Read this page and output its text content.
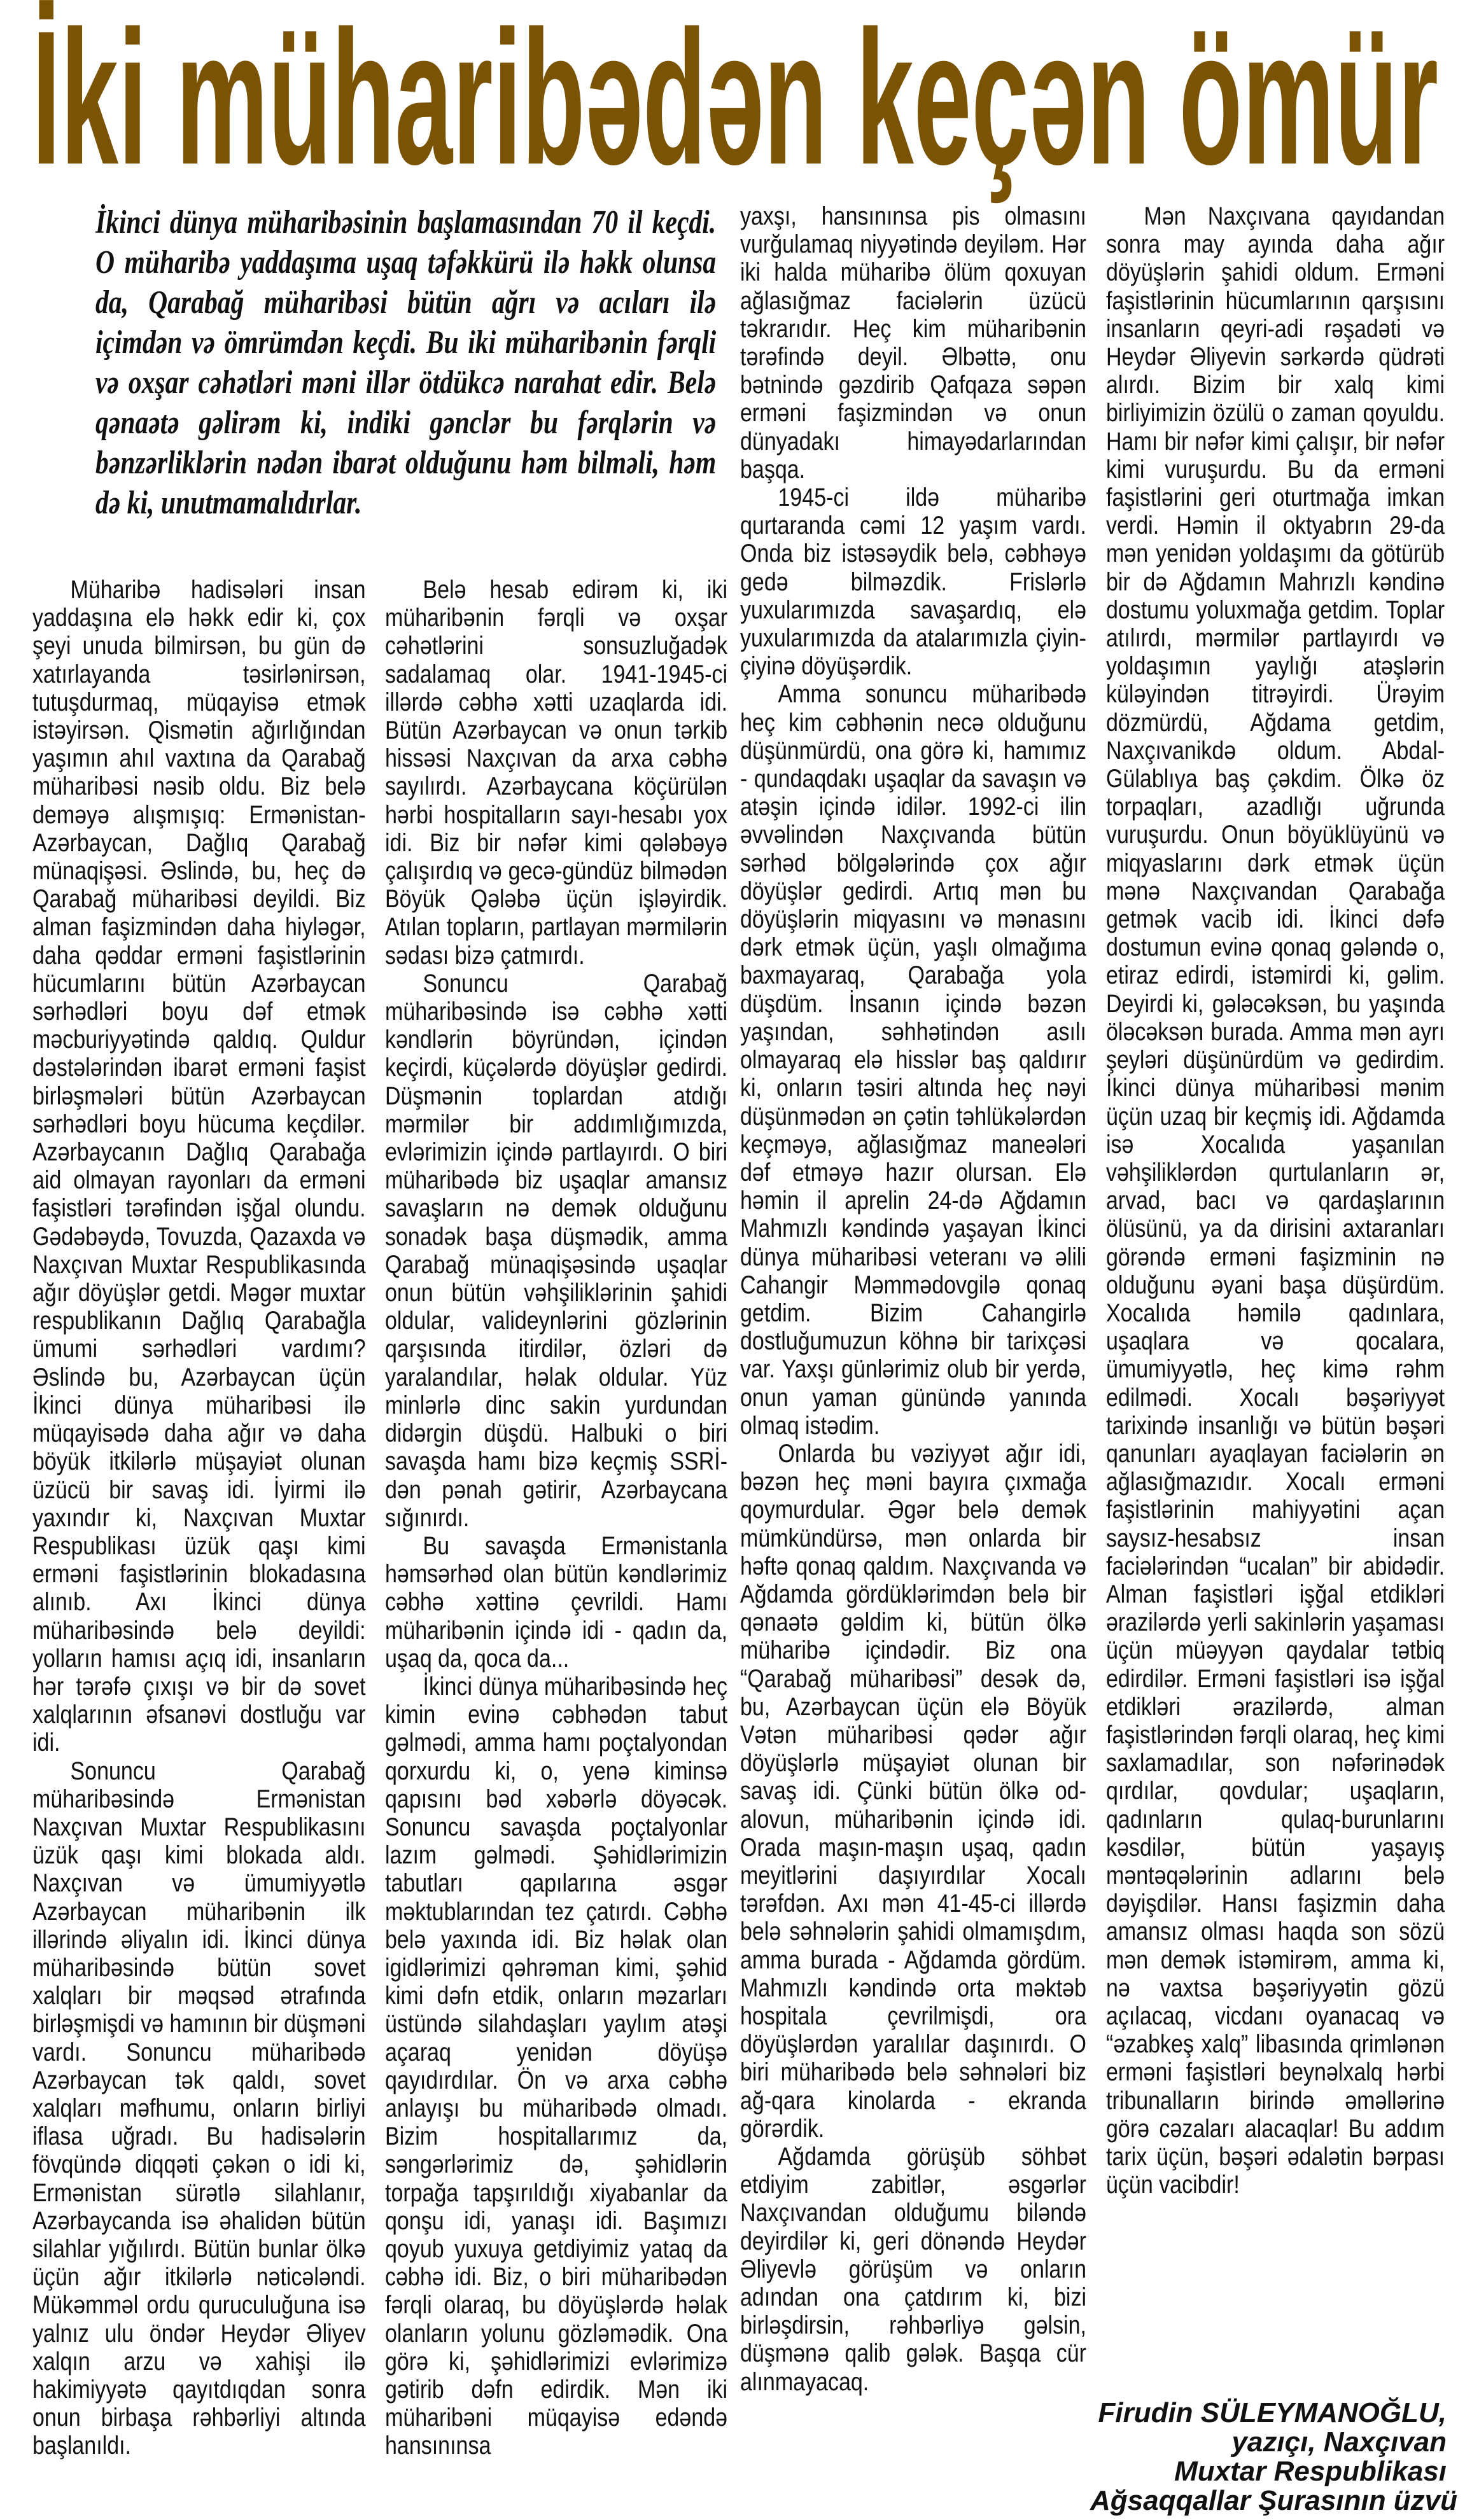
İki müharibədən keçən ömür

İkinci dünya müharibəsinin başlamasından 70 il keçdi. O müharibə yaddaşıma uşaq təfəkkürü ilə həkk olunsa da, Qarabağ müharibəsi bütün ağrı və acıları ilə içimdən və ömrümdən keçdi. Bu iki müharibənin fərqli və oxşar cəhətləri məni illər ötdükcə narahat edir. Belə qənaətə gəlirəm ki, indiki gənclər bu fərqlərin və bənzərliklərin nədən ibarət olduğunu həm bilməli, həm də ki, unutmamalıdırlar.

Müharibə hadisələri insan yaddaşına elə həkk edir ki, çox şeyi unuda bilmirsən, bu gün də xatırlayanda təsirlənirsən, tutuşdurmaq, müqayisə etmək istəyirsən. Qismətin ağırlığından yaşımın ahıl vaxtına da Qarabağ müharibəsi nəsib oldu. Biz belə deməyə alışmışıq: Ermənistan-Azərbaycan, Dağlıq Qarabağ münaqişəsi. Əslində, bu, heç də Qarabağ müharibəsi deyildi. Biz alman faşizmindən daha hiyləgər, daha qəddar erməni faşistlərinin hücumlarını bütün Azərbaycan sərhədləri boyu dəf etmək məcburiyyətində qaldıq. Quldur dəstələrindən ibarət erməni faşist birləşmələri bütün Azərbaycan sərhədləri boyu hücuma keçdilər. Azərbaycanın Dağlıq Qarabağa aid olmayan rayonları da erməni faşistləri tərəfindən işğal olundu. Gədəbəydə, Tovuzda, Qazaxda və Naxçıvan Muxtar Respublikasında ağır döyüşlər getdi. Məgər muxtar respublikanın Dağlıq Qarabağla ümumi sərhədləri vardımı? Əslində bu, Azərbaycan üçün İkinci dünya müharibəsi ilə müqayisədə daha ağır və daha böyük itkilərlə müşayiət olunan üzücü bir savaş idi. İyirmi ilə yaxındır ki, Naxçıvan Muxtar Respublikası üzük qaşı kimi erməni faşistlərinin blokadasına alınıb. Axı İkinci dünya müharibəsində belə deyildi: yolların hamısı açıq idi, insanların hər tərəfə çıxışı və bir də sovet xalqlarının əfsanəvi dostluğu var idi.

Sonuncu Qarabağ müharibəsində Ermənistan Naxçıvan Muxtar Respublikasını üzük qaşı kimi blokada aldı. Naxçıvan və ümumiyyətlə Azərbaycan müharibənin ilk illərində əliyalın idi. İkinci dünya müharibəsində bütün sovet xalqları bir məqsəd ətrafında birləşmişdi və hamının bir düşməni vardı. Sonuncu müharibədə Azərbaycan tək qaldı, sovet xalqları məfhumu, onların birliyi iflasa uğradı. Bu hadisələrin fövqündə diqqəti çəkən o idi ki, Ermənistan sürətlə silahlanır, Azərbaycanda isə əhalidən bütün silahlar yığılırdı. Bütün bunlar ölkə üçün ağır itkilərlə nəticələndi. Mükəmməl ordu quruculuğuna isə yalnız ulu öndər Heydər Əliyev xalqın arzu və xahişi ilə hakimiyyətə qayıtdıqdan sonra onun birbaşa rəhbərliyi altında başlanıldı.

Belə hesab edirəm ki, iki müharibənin fərqli və oxşar cəhətlərini sonsuzluğadək sadalamaq olar. 1941-1945-ci illərdə cəbhə xətti uzaqlarda idi. Bütün Azərbaycan və onun tərkib hissəsi Naxçıvan da arxa cəbhə sayılırdı. Azərbaycana köçürülən hərbi hospitalların sayı-hesabı yox idi. Biz bir nəfər kimi qələbəyə çalışırdıq və gecə-gündüz bilmədən Böyük Qələbə üçün işləyirdik. Atılan topların, partlayan mərmilərin sədası bizə çatmırdı.

Sonuncu Qarabağ müharibəsində isə cəbhə xətti kəndlərin böyründən, içindən keçirdi, küçələrdə döyüşlər gedirdi. Düşmənin toplardan atdığı mərmilər bir addımlığımızda, evlərimizin içində partlayırdı. O biri müharibədə biz uşaqlar amansız savaşların nə demək olduğunu sonadək başa düşmədik, amma Qarabağ münaqişəsində uşaqlar onun bütün vəhşiliklərinin şahidi oldular, valideynlərini gözlərinin qarşısında itirdilər, özləri də yaralandılar, həlak oldular. Yüz minlərlə dinc sakin yurdundan didərgin düşdü. Halbuki o biri savaşda hamı bizə keçmiş SSRİ-dən pənah gətirir, Azərbaycana sığınırdı.

Bu savaşda Ermənistanla həmsərhəd olan bütün kəndlərimiz cəbhə xəttinə çevrildi. Hamı müharibənin içində idi - qadın da, uşaq da, qoca da...

İkinci dünya müharibəsində heç kimin evinə cəbhədən tabut gəlmədi, amma hamı poçtalyondan qorxurdu ki, o, yenə kiminsə qapısını bəd xəbərlə döyəcək. Sonuncu savaşda poçtalyonlar lazım gəlmədi. Şəhidlərimizin tabutları qapılarına əsgər məktublarından tez çatırdı. Cəbhə belə yaxında idi. Biz həlak olan igidlərimizi qəhrəman kimi, şəhid kimi dəfn etdik, onların məzarları üstündə silahdaşları yaylım atəşi açaraq yenidən döyüşə qayıdırdılar. Ön və arxa cəbhə anlayışı bu müharibədə olmadı. Bizim hospitallarımız da, səngərlərimiz də, şəhidlərin torpağa tapşırıldığı xiyabanlar da qonşu idi, yanaşı idi. Başımızı qoyub yuxuya getdiyimiz yataq da cəbhə idi. Biz, o biri müharibədən fərqli olaraq, bu döyüşlərdə həlak olanların yolunu gözləmədik. Ona görə ki, şəhidlərimizi evlərimizə gətirib dəfn edirdik. Mən iki müharibəni müqayisə edəndə hansınınsa

yaxşı, hansınınsa pis olmasını vurğulamaq niyyətində deyiləm. Hər iki halda müharibə ölüm qoxuyan ağlasığmaz faciələrin üzücü təkrarıdır. Heç kim müharibənin tərəfində deyil. Əlbəttə, onu bətnində gəzdirib Qafqaza səpən erməni faşizmindən və onun dünyadakı himayədarlarından başqa.

1945-ci ildə müharibə qurtaranda cəmi 12 yaşım vardı. Onda biz istəsəydik belə, cəbhəyə gedə bilməzdik. Frislərlə yuxularımızda savaşardıq, elə yuxularımızda da atalarımızla çiyin-çiyinə döyüşərdik.

Amma sonuncu müharibədə heç kim cəbhənin necə olduğunu düşünmürdü, ona görə ki, hamımız - qundaqdakı uşaqlar da savaşın və atəşin içində idilər. 1992-ci ilin əvvəlindən Naxçıvanda bütün sərhəd bölgələrində çox ağır döyüşlər gedirdi. Artıq mən bu döyüşlərin miqyasını və mənasını dərk etmək üçün, yaşlı olmağıma baxmayaraq, Qarabağa yola düşdüm. İnsanın içində bəzən yaşından, səhhətindən asılı olmayaraq elə hisslər baş qaldırır ki, onların təsiri altında heç nəyi düşünmədən ən çətin təhlükələrdən keçməyə, ağlasığmaz maneələri dəf etməyə hazır olursan. Elə həmin il aprelin 24-də Ağdamın Mahmızlı kəndində yaşayan İkinci dünya müharibəsi veteranı və əlili Cahangir Məmmədovgilə qonaq getdim. Bizim Cahangirlə dostluğumuzun köhnə bir tarixçəsi var. Yaxşı günlərimiz olub bir yerdə, onun yaman günündə yanında olmaq istədim.

Onlarda bu vəziyyət ağır idi, bəzən heç məni bayıra çıxmağa qoymurdular. Əgər belə demək mümkündürsə, mən onlarda bir həftə qonaq qaldım. Naxçıvanda və Ağdamda gördüklərimdən belə bir qənaətə gəldim ki, bütün ölkə müharibə içindədir. Biz ona “Qarabağ müharibəsi” desək də, bu, Azərbaycan üçün elə Böyük Vətən müharibəsi qədər ağır döyüşlərlə müşayiət olunan bir savaş idi. Çünki bütün ölkə od-alovun, müharibənin içində idi. Orada maşın-maşın uşaq, qadın meyitlərini daşıyırdılar Xocalı tərəfdən. Axı mən 41-45-ci illərdə belə səhnələrin şahidi olmamışdım, amma burada - Ağdamda gördüm. Mahmızlı kəndində orta məktəb hospitala çevrilmişdi, ora döyüşlərdən yaralılar daşınırdı. O biri müharibədə belə səhnələri biz ağ-qara kinolarda - ekranda görərdik.

Ağdamda görüşüb söhbət etdiyim zabitlər, əsgərlər Naxçıvandan olduğumu biləndə deyirdilər ki, geri dönəndə Heydər Əliyevlə görüşüm və onların adından ona çatdırım ki, bizi birləşdirsin, rəhbərliyə gəlsin, düşmənə qalib gələk. Başqa cür alınmayacaq.

Mən Naxçıvana qayıdandan sonra may ayında daha ağır döyüşlərin şahidi oldum. Erməni faşistlərinin hücumlarının qarşısını insanların qeyri-adi rəşadəti və Heydər Əliyevin sərkərdə qüdrəti alırdı. Bizim bir xalq kimi birliyimizin özülü o zaman qoyuldu. Hamı bir nəfər kimi çalışır, bir nəfər kimi vuruşurdu. Bu da erməni faşistlərini geri oturtmağa imkan verdi. Həmin il oktyabrın 29-da mən yenidən yoldaşımı da götürüb bir də Ağdamın Mahrızlı kəndinə dostumu yoluxmağa getdim. Toplar atılırdı, mərmilər partlayırdı və yoldaşımın yaylığı atəşlərin küləyindən titrəyirdi. Ürəyim dözmürdü, Ağdama getdim, Naxçıvanikdə oldum. Abdal-Gülablıya baş çəkdim. Ölkə öz torpaqları, azadlığı uğrunda vuruşurdu. Onun böyüklüyünü və miqyaslarını dərk etmək üçün mənə Naxçıvandan Qarabağa getmək vacib idi. İkinci dəfə dostumun evinə qonaq gələndə o, etiraz edirdi, istəmirdi ki, gəlim. Deyirdi ki, gələcəksən, bu yaşında öləcəksən burada. Amma mən ayrı şeyləri düşünürdüm və gedirdim. İkinci dünya müharibəsi mənim üçün uzaq bir keçmiş idi. Ağdamda isə Xocalıda yaşanılan vəhşiliklərdən qurtulanların ər, arvad, bacı və qardaşlarının ölüsünü, ya da dirisini axtaranları görəndə erməni faşizminin nə olduğunu əyani başa düşürdüm. Xocalıda həmilə qadınlara, uşaqlara və qocalara, ümumiyyətlə, heç kimə rəhm edilmədi. Xocalı bəşəriyyət tarixində insanlığı və bütün bəşəri qanunları ayaqlayan faciələrin ən ağlasığmazıdır. Xocalı erməni faşistlərinin mahiyyətini açan saysız-hesabsız insan faciələrindən “ucalan” bir abidədir. Alman faşistləri işğal etdikləri ərazilərdə yerli sakinlərin yaşaması üçün müəyyən qaydalar tətbiq edirdilər. Erməni faşistləri isə işğal etdikləri ərazilərdə, alman faşistlərindən fərqli olaraq, heç kimi saxlamadılar, son nəfərinədək qırdılar, qovdular; uşaqların, qadınların qulaq-burunlarını kəsdilər, bütün yaşayış məntəqələrinin adlarını belə dəyişdilər. Hansı faşizmin daha amansız olması haqda son sözü mən demək istəmirəm, amma ki, nə vaxtsa bəşəriyyətin gözü açılacaq, vicdanı oyanacaq və “əzabkeş xalq” libasında qrimlənən erməni faşistləri beynəlxalq hərbi tribunalların birində əməllərinə görə cəzaları alacaqlar! Bu addım tarix üçün, bəşəri ədalətin bərpası üçün vacibdir!

Firudin SÜLEYMANOĞLU,
yazıçı, Naxçıvan
Muxtar Respublikası
Ağsaqqallar Şurasının üzvü
